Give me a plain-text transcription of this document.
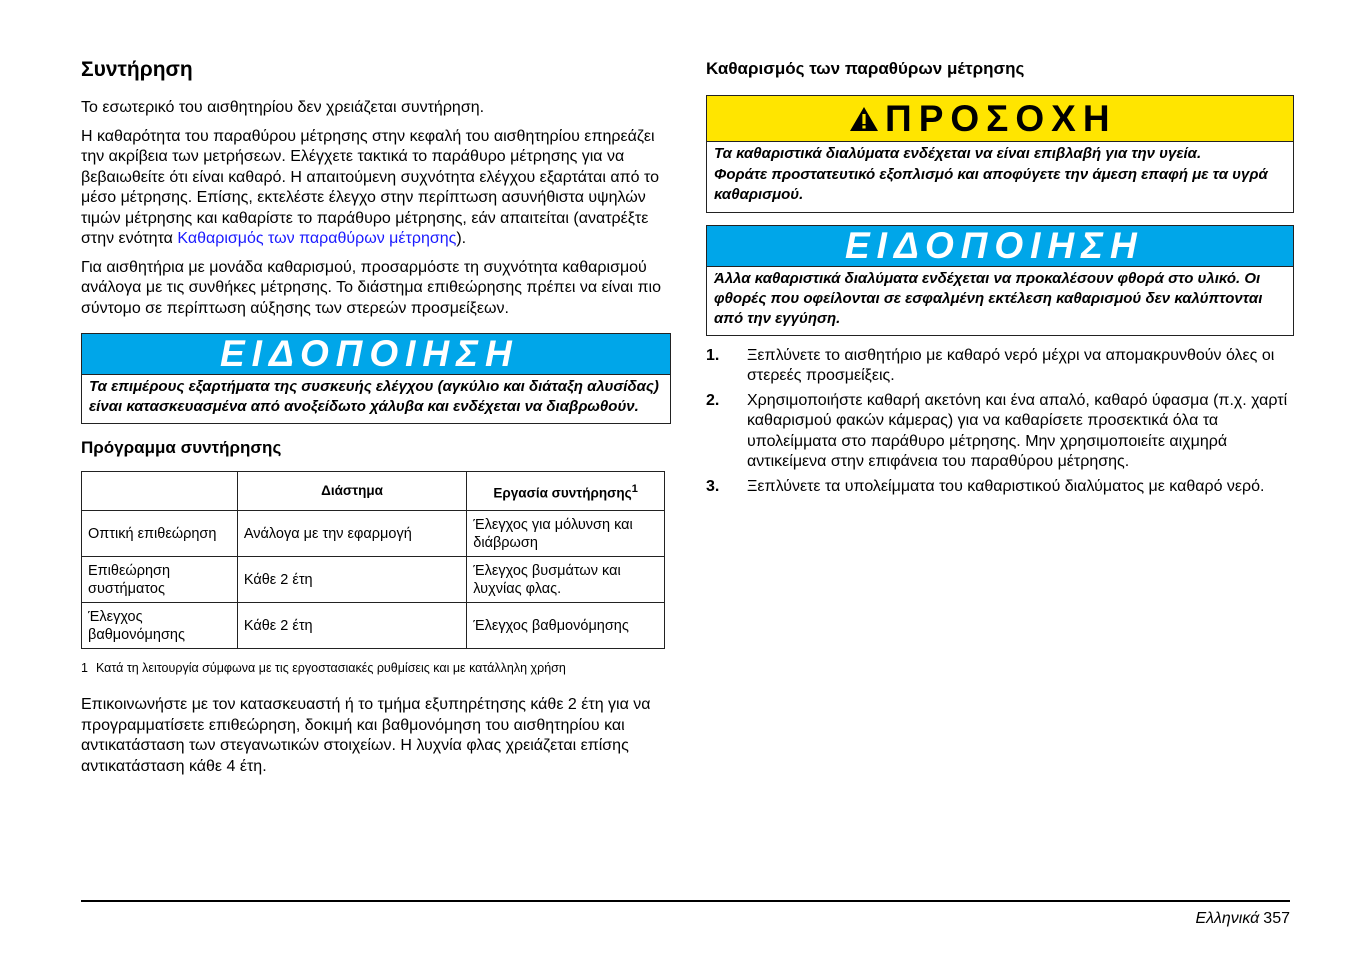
Συντήρηση

Το εσωτερικό του αισθητηρίου δεν χρειάζεται συντήρηση.

Η καθαρότητα του παραθύρου μέτρησης στην κεφαλή του αισθητηρίου επηρεάζει την ακρίβεια των μετρήσεων. Ελέγχετε τακτικά το παράθυρο μέτρησης για να βεβαιωθείτε ότι είναι καθαρό. Η απαιτούμενη συχνότητα ελέγχου εξαρτάται από το μέσο μέτρησης. Επίσης, εκτελέστε έλεγχο στην περίπτωση ασυνήθιστα υψηλών τιμών μέτρησης και καθαρίστε το παράθυρο μέτρησης, εάν απαιτείται (ανατρέξτε στην ενότητα Καθαρισμός των παραθύρων μέτρησης).

Για αισθητήρια με μονάδα καθαρισμού, προσαρμόστε τη συχνότητα καθαρισμού ανάλογα με τις συνθήκες μέτρησης. Το διάστημα επιθεώρησης πρέπει να είναι πιο σύντομο σε περίπτωση αύξησης των στερεών προσμείξεων.

ΕΙΔΟΠΟΙΗΣΗ
Τα επιμέρους εξαρτήματα της συσκευής ελέγχου (αγκύλιο και διάταξη αλυσίδας) είναι κατασκευασμένα από ανοξείδωτο χάλυβα και ενδέχεται να διαβρωθούν.
Πρόγραμμα συντήρησης
	Διάστημα	Εργασία συντήρησης$^1$
Οπτική επιθεώρηση	Ανάλογα με την εφαρμογή	Έλεγχος για μόλυνση και διάβρωση
Επιθεώρηση συστήματος	Κάθε 2 έτη	Έλεγχος βυσμάτων και λυχνίας φλας.
Έλεγχος βαθμονόμησης	Κάθε 2 έτη	Έλεγχος βαθμονόμησης
1 Κατά τη λειτουργία σύμφωνα με τις εργοστασιακές ρυθμίσεις και με κατάλληλη χρήση

Επικοινωνήστε με τον κατασκευαστή ή το τμήμα εξυπηρέτησης κάθε 2 έτη για να προγραμματίσετε επιθεώρηση, δοκιμή και βαθμονόμηση του αισθητηρίου και αντικατάσταση των στεγανωτικών στοιχείων. Η λυχνία φλας χρειάζεται επίσης αντικατάσταση κάθε 4 έτη.

Καθαρισμός των παραθύρων μέτρησης
ΠΡΟΣΟΧΗ
Τα καθαριστικά διαλύματα ενδέχεται να είναι επιβλαβή για την υγεία.
Φοράτε προστατευτικό εξοπλισμό και αποφύγετε την άμεση επαφή με τα υγρά καθαρισμού.
ΕΙΔΟΠΟΙΗΣΗ
Άλλα καθαριστικά διαλύματα ενδέχεται να προκαλέσουν φθορά στο υλικό. Οι φθορές που οφείλονται σε εσφαλμένη εκτέλεση καθαρισμού δεν καλύπτονται από την εγγύηση.
1.	Ξεπλύνετε το αισθητήριο με καθαρό νερό μέχρι να απομακρυνθούν όλες οι στερεές προσμείξεις.
2.	Χρησιμοποιήστε καθαρή ακετόνη και ένα απαλό, καθαρό ύφασμα (π.χ. χαρτί καθαρισμού φακών κάμερας) για να καθαρίσετε προσεκτικά όλα τα υπολείμματα στο παράθυρο μέτρησης. Μην χρησιμοποιείτε αιχμηρά αντικείμενα στην επιφάνεια του παραθύρου μέτρησης.
3.	Ξεπλύνετε τα υπολείμματα του καθαριστικού διαλύματος με καθαρό νερό.
Ελληνικά 357
